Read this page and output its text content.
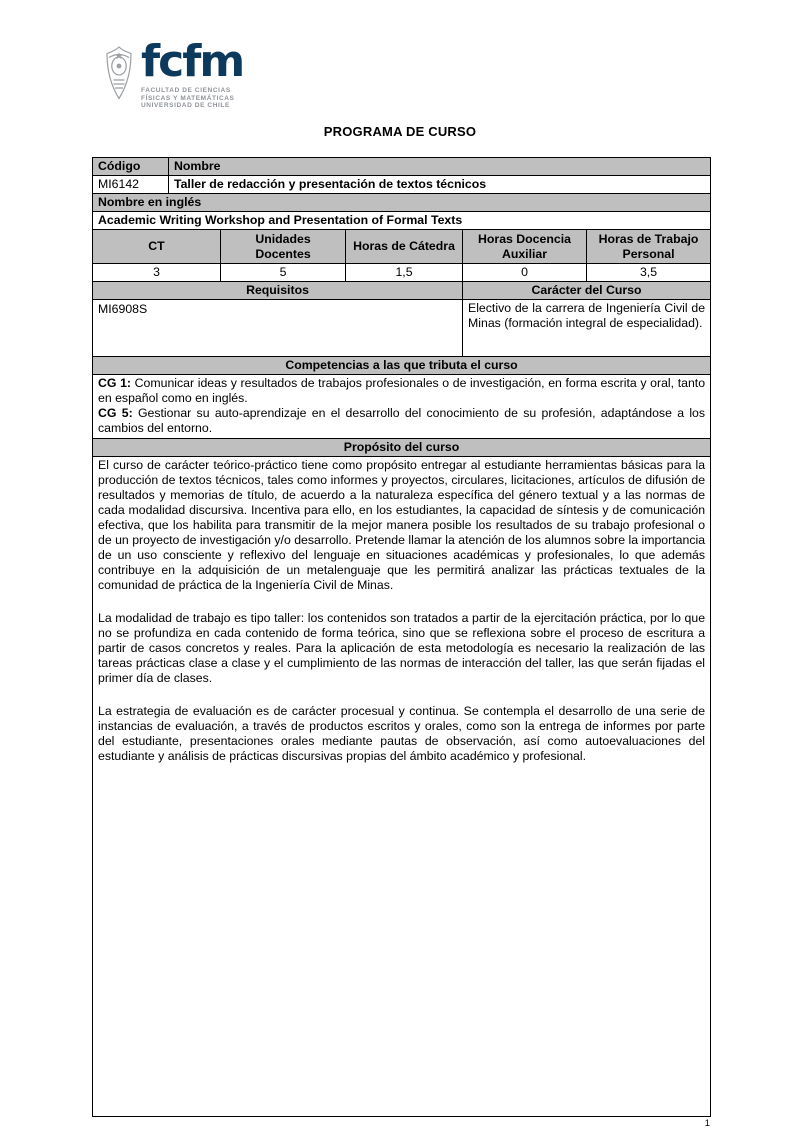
fcfm
FACULTAD DE CIENCIAS
FÍSICAS Y MATEMÁTICAS
UNIVERSIDAD DE CHILE
PROGRAMA DE CURSO
Código	Nombre				
MI6142	Taller de redacción y presentación de textos técnicos				
Nombre en inglés					
Academic Writing Workshop and Presentation of Formal Texts					
CT		Unidades Docentes	Horas de Cátedra	Horas Docencia Auxiliar	Horas de Trabajo Personal
3		5	1,5	0	3,5
Requisitos				Carácter del Curso	
MI6908S				Electivo de la carrera de Ingeniería Civil de Minas (formación integral de especialidad).	
Competencias a las que tributa el curso					

CG 1: Comunicar ideas y resultados de trabajos profesionales o de investigación, en forma escrita y oral, tanto en español como en inglés.
CG 5: Gestionar su auto-aprendizaje en el desarrollo del conocimiento de su profesión, adaptándose a los cambios del entorno.					

Propósito del curso					

El curso de carácter teórico-práctico tiene como propósito entregar al estudiante herramientas básicas para la producción de textos técnicos, tales como informes y proyectos, circulares, licitaciones, artículos de difusión de resultados y memorias de título, de acuerdo a la naturaleza específica del género textual y a las normas de cada modalidad discursiva. Incentiva para ello, en los estudiantes, la capacidad de síntesis y de comunicación efectiva, que los habilita para transmitir de la mejor manera posible los resultados de su trabajo profesional o de un proyecto de investigación y/o desarrollo. Pretende llamar la atención de los alumnos sobre la importancia de un uso consciente y reflexivo del lenguaje en situaciones académicas y profesionales, lo que además contribuye en la adquisición de un metalenguaje que les permitirá analizar las prácticas textuales de la comunidad de práctica de la Ingeniería Civil de Minas.

La modalidad de trabajo es tipo taller: los contenidos son tratados a partir de la ejercitación práctica, por lo que no se profundiza en cada contenido de forma teórica, sino que se reflexiona sobre el proceso de escritura a partir de casos concretos y reales. Para la aplicación de esta metodología es necesario la realización de las tareas prácticas clase a clase y el cumplimiento de las normas de interacción del taller, las que serán fijadas el primer día de clases.

La estrategia de evaluación es de carácter procesual y continua. Se contempla el desarrollo de una serie de instancias de evaluación, a través de productos escritos y orales, como son la entrega de informes por parte del estudiante, presentaciones orales mediante pautas de observación, así como autoevaluaciones del estudiante y análisis de prácticas discursivas propias del ámbito académico y profesional.					

1
